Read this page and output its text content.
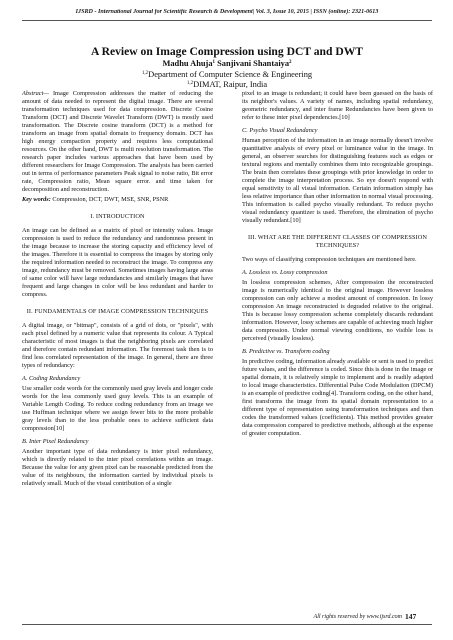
IJSRD - International Journal for Scientific Research & Development| Vol. 3, Issue 10, 2015 | ISSN (online): 2321-0613
A Review on Image Compression using DCT and DWT
Madhu Ahuja$^1$ Sanjivani Shantaiya$^2$
$^{1,2}$Department of Computer Science & Engineering
$^{1,2}$DIMAT, Raipur, India

Abstract— Image Compression addresses the matter of reducing the amount of data needed to represent the digital image. There are several transformation techniques used for data compression. Discrete Cosine Transform (DCT) and Discrete Wavelet Transform (DWT) is mostly used transformation. The Discrete cosine transform (DCT) is a method for transform an image from spatial domain to frequency domain. DCT has high energy compaction property and requires less computational resources. On the other hand, DWT is multi resolution transformation. The research paper includes various approaches that have been used by different researchers for Image Compression. The analysis has been carried out in terms of performance parameters Peak signal to noise ratio, Bit error rate, Compression ratio, Mean square error. and time taken for decomposition and reconstruction.

Key words: Compression, DCT, DWT, MSE, SNR, PSNR

I. INTRODUCTION

An image can be defined as a matrix of pixel or intensity values. Image compression is used to reduce the redundancy and randomness present in the image because to increase the storing capacity and efficiency level of the images. Therefore it is essential to compress the images by storing only the required information needed to reconstruct the image. To compress any image, redundancy must be removed. Sometimes images having large areas of same color will have large redundancies and similarly images that have frequent and large changes in color will be less redundant and harder to compress.

II. FUNDAMENTALS OF IMAGE COMPRESSION TECHNIQUES

A digital image, or "bitmap", consists of a grid of dots, or "pixels", with each pixel defined by a numeric value that represents its colour. A Typical characteristic of most images is that the neighboring pixels are correlated and therefore contain redundant information. The foremost task then is to find less correlated representation of the image. In general, there are three types of redundancy:

A. Coding Redundancy

Use smaller code words for the commonly used gray levels and longer code words for the less commonly used gray levels. This is an example of Variable Length Coding. To reduce coding redundancy from an image we use Huffman technique where we assign fewer bits to the more probable gray levels than to the less probable ones to achieve sufficient data compression[10]

B. Inter Pixel Redundancy

Another important type of data redundancy is inter pixel redundancy, which is directly related to the inter pixel correlations within an image. Because the value for any given pixel can be reasonable predicted from the value of its neighbours, the information carried by individual pixels is relatively small. Much of the visual contribution of a single

pixel to an image is redundant; it could have been guessed on the basis of its neighbor's values. A variety of names, including spatial redundancy, geometric redundancy, and inter frame Redundancies have been given to refer to these inter pixel dependencies.[10]

C. Psycho Visual Redundancy

Human perception of the information in an image normally doesn't involve quantitative analysis of every pixel or luminance value in the image. In general, an observer searches for distinguishing features such as edges or textural regions and mentally combines them into recognizable groupings. The brain then correlates these groupings with prior knowledge in order to complete the image interpretation process. So eye doesn't respond with equal sensitivity to all visual information. Certain information simply has less relative importance than other information in normal visual processing. This information is called psycho visually redundant. To reduce psycho visual redundancy quantizer is used. Therefore, the elimination of psycho visually redundant.[10]

III. WHAT ARE THE DIFFERENT CLASSES OF COMPRESSION TECHNIQUES?

Two ways of classifying compression techniques are mentioned here.

A. Lossless vs. Lossy compression

In lossless compression schemes, After compression the reconstructed image is numerically identical to the original image. However lossless compression can only achieve a modest amount of compression. In lossy compression An image reconstructed is degraded relative to the original. This is because lossy compression scheme completely discards redundant information. However, lossy schemes are capable of achieving much higher data compression. Under normal viewing conditions, no visible loss is perceived (visually lossless).

B. Predictive vs. Transform coding

In predictive coding, information already available or sent is used to predict future values, and the difference is coded. Since this is done in the image or spatial domain, it is relatively simple to implement and is readily adapted to local image characteristics. Differential Pulse Code Modulation (DPCM) is an example of predictive coding[4]. Transform coding, on the other hand, first transforms the image from its spatial domain representation to a different type of representation using transformation techniques and then codes the transformed values (coefficients). This method provides greater data compression compared to predictive methods, although at the expense of greater computation.

All rights reserved by www.ijsrd.com 147
